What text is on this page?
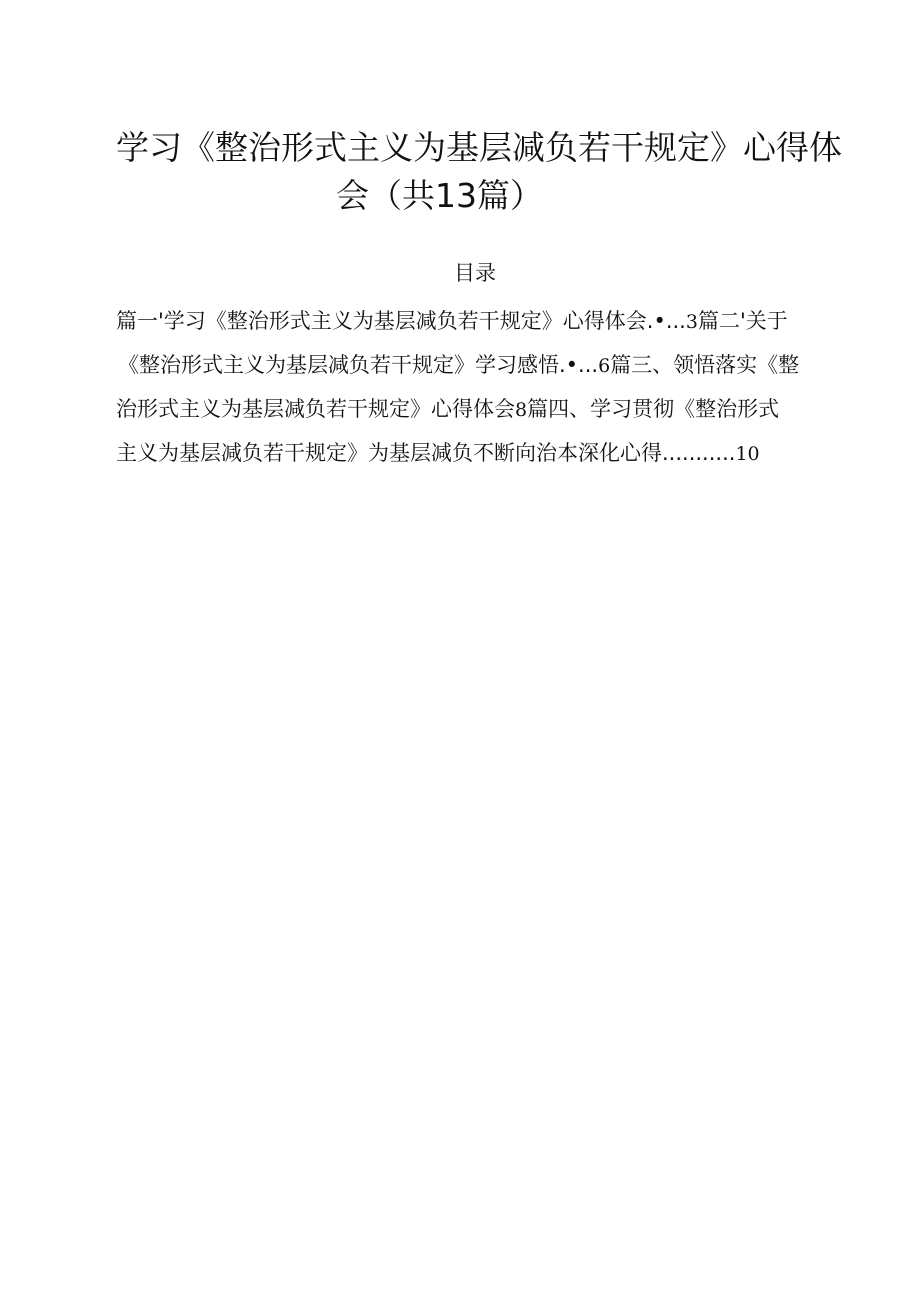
学习《整治形式主义为基层减负若干规定》心得体
会（共13篇）
目录
篇一'学习《整治形式主义为基层减负若干规定》心得体会.•...3篇二'关于
《整治形式主义为基层减负若干规定》学习感悟.•...6篇三、领悟落实《整
治形式主义为基层减负若干规定》心得体会8篇四、学习贯彻《整治形式
主义为基层减负若干规定》为基层减负不断向治本深化心得...........10
